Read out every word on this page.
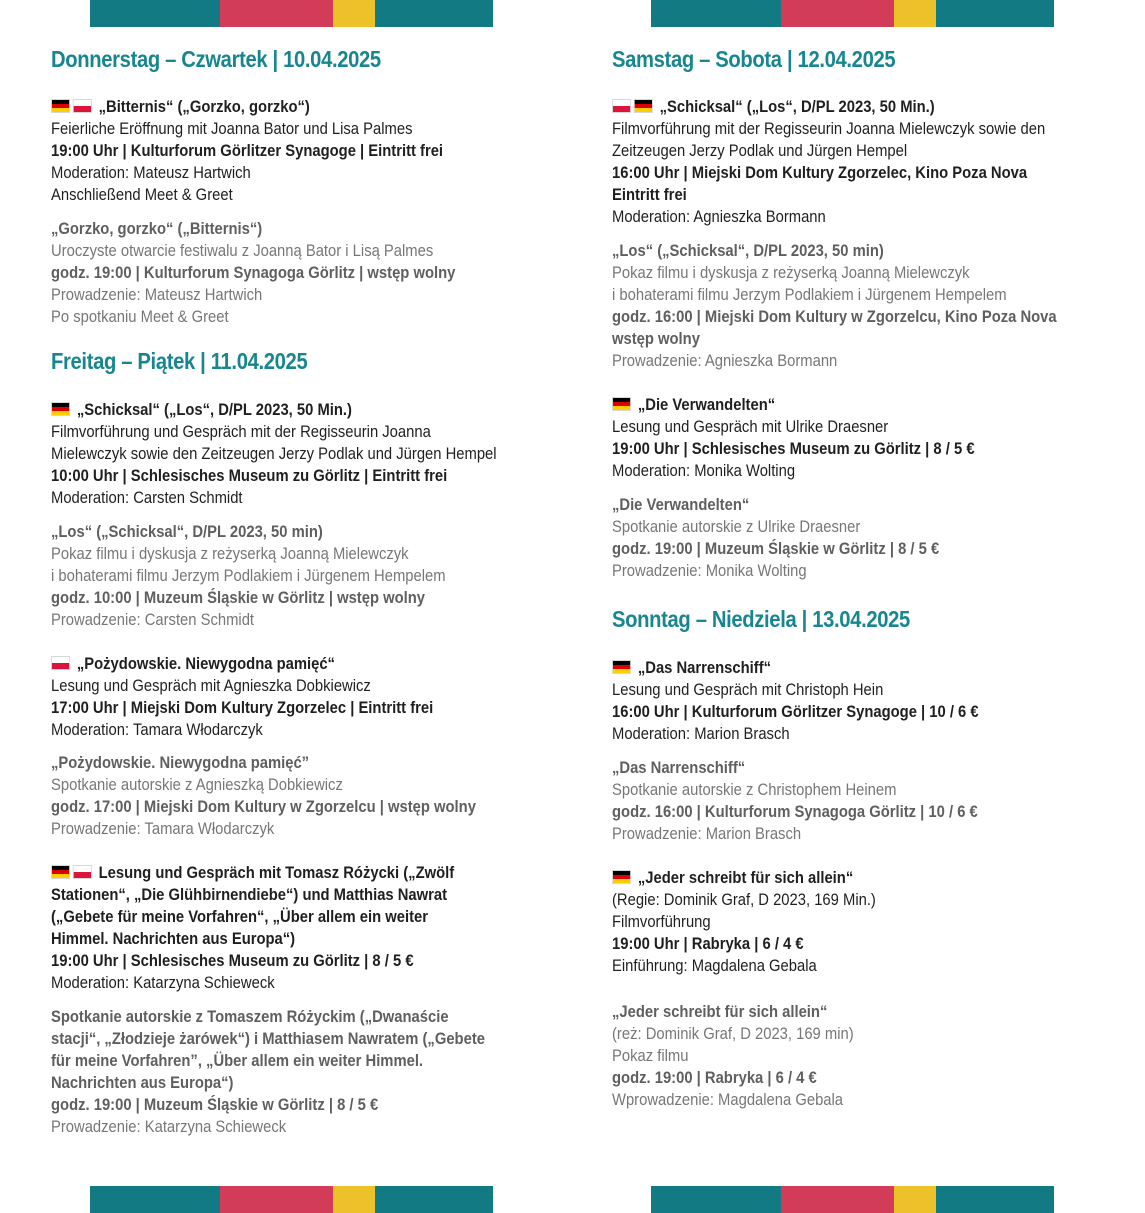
Donnerstag – Czwartek | 10.04.2025
„Bitternis“ („Gorzko, gorzko“)
Feierliche Eröffnung mit Joanna Bator und Lisa Palmes
19:00 Uhr | Kulturforum Görlitzer Synagoge | Eintritt frei
Moderation: Mateusz Hartwich
Anschließend Meet & Greet
„Gorzko, gorzko“ („Bitternis“)
Uroczyste otwarcie festiwalu z Joanną Bator i Lisą Palmes
godz. 19:00 | Kulturforum Synagoga Görlitz | wstęp wolny
Prowadzenie: Mateusz Hartwich
Po spotkaniu Meet & Greet
Freitag – Piątek | 11.04.2025
„Schicksal“ („Los“, D/PL 2023, 50 Min.)
Filmvorführung und Gespräch mit der Regisseurin Joanna
Mielewczyk sowie den Zeitzeugen Jerzy Podlak und Jürgen Hempel
10:00 Uhr | Schlesisches Museum zu Görlitz | Eintritt frei
Moderation: Carsten Schmidt
„Los“ („Schicksal“, D/PL 2023, 50 min)
Pokaz filmu i dyskusja z reżyserką Joanną Mielewczyk
i bohaterami filmu Jerzym Podlakiem i Jürgenem Hempelem
godz. 10:00 | Muzeum Śląskie w Görlitz | wstęp wolny
Prowadzenie: Carsten Schmidt
„Pożydowskie. Niewygodna pamięć“
Lesung und Gespräch mit Agnieszka Dobkiewicz
17:00 Uhr | Miejski Dom Kultury Zgorzelec | Eintritt frei
Moderation: Tamara Włodarczyk
„Pożydowskie. Niewygodna pamięć”
Spotkanie autorskie z Agnieszką Dobkiewicz
godz. 17:00 | Miejski Dom Kultury w Zgorzelcu | wstęp wolny
Prowadzenie: Tamara Włodarczyk
Lesung und Gespräch mit Tomasz Różycki („Zwölf
Stationen“, „Die Glühbirnendiebe“) und Matthias Nawrat
(„Gebete für meine Vorfahren“, „Über allem ein weiter
Himmel. Nachrichten aus Europa“)
19:00 Uhr | Schlesisches Museum zu Görlitz | 8 / 5 €
Moderation: Katarzyna Schieweck
Spotkanie autorskie z Tomaszem Różyckim („Dwanaście
stacji“, „Złodzieje żarówek“) i Matthiasem Nawratem („Gebete
für meine Vorfahren”, „Über allem ein weiter Himmel.
Nachrichten aus Europa“)
godz. 19:00 | Muzeum Śląskie w Görlitz | 8 / 5 €
Prowadzenie: Katarzyna Schieweck
Samstag – Sobota | 12.04.2025
„Schicksal“ („Los“, D/PL 2023, 50 Min.)
Filmvorführung mit der Regisseurin Joanna Mielewczyk sowie den
Zeitzeugen Jerzy Podlak und Jürgen Hempel
16:00 Uhr | Miejski Dom Kultury Zgorzelec, Kino Poza Nova
Eintritt frei
Moderation: Agnieszka Bormann
„Los“ („Schicksal“, D/PL 2023, 50 min)
Pokaz filmu i dyskusja z reżyserką Joanną Mielewczyk
i bohaterami filmu Jerzym Podlakiem i Jürgenem Hempelem
godz. 16:00 | Miejski Dom Kultury w Zgorzelcu, Kino Poza Nova
wstęp wolny
Prowadzenie: Agnieszka Bormann
„Die Verwandelten“
Lesung und Gespräch mit Ulrike Draesner
19:00 Uhr | Schlesisches Museum zu Görlitz | 8 / 5 €
Moderation: Monika Wolting
„Die Verwandelten“
Spotkanie autorskie z Ulrike Draesner
godz. 19:00 | Muzeum Śląskie w Görlitz | 8 / 5 €
Prowadzenie: Monika Wolting
Sonntag – Niedziela | 13.04.2025
„Das Narrenschiff“
Lesung und Gespräch mit Christoph Hein
16:00 Uhr | Kulturforum Görlitzer Synagoge | 10 / 6 €
Moderation: Marion Brasch
„Das Narrenschiff“
Spotkanie autorskie z Christophem Heinem
godz. 16:00 | Kulturforum Synagoga Görlitz | 10 / 6 €
Prowadzenie: Marion Brasch
„Jeder schreibt für sich allein“
(Regie: Dominik Graf, D 2023, 169 Min.)
Filmvorführung
19:00 Uhr | Rabryka | 6 / 4 €
Einführung: Magdalena Gebala
„Jeder schreibt für sich allein“
(reż: Dominik Graf, D 2023, 169 min)
Pokaz filmu
godz. 19:00 | Rabryka | 6 / 4 €
Wprowadzenie: Magdalena Gebala
